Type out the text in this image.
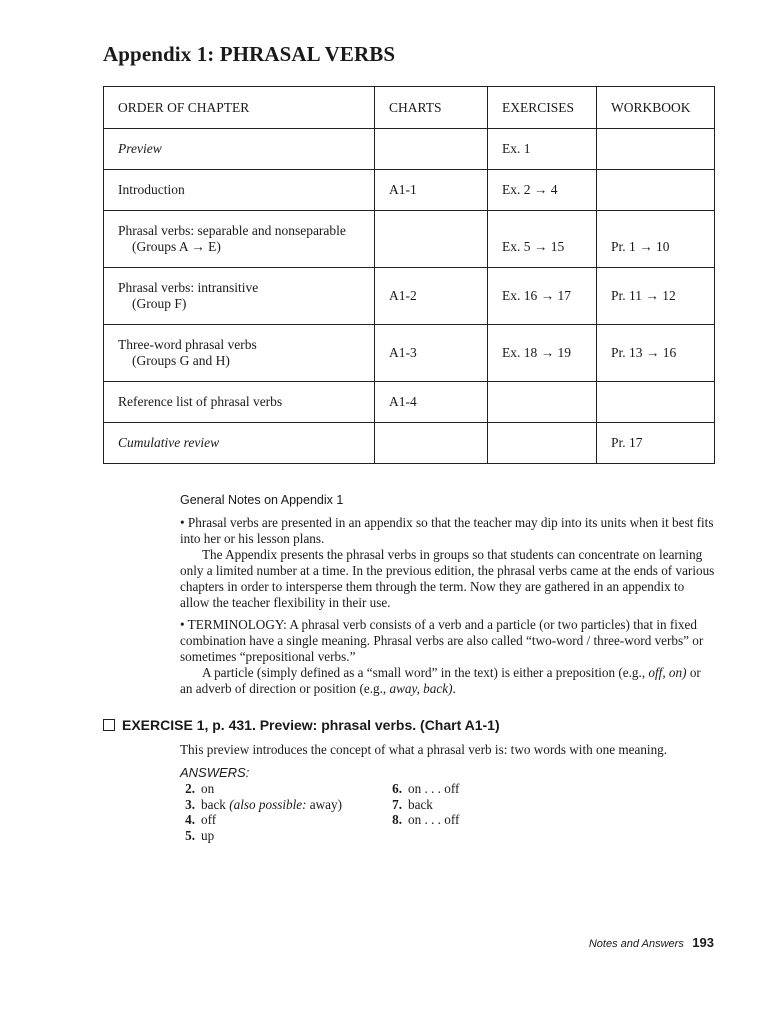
Appendix 1: PHRASAL VERBS
ORDER OF CHAPTER	CHARTS	EXERCISES	WORKBOOK
Preview		Ex. 1	
Introduction	A1-1	Ex. 2 → 4	
Phrasal verbs: separable and nonseparable
(Groups A → E)		Ex. 5 → 15	Pr. 1 → 10
Phrasal verbs: intransitive
(Group F)	A1-2	Ex. 16 → 17	Pr. 11 → 12
Three-word phrasal verbs
(Groups G and H)	A1-3	Ex. 18 → 19	Pr. 13 → 16
Reference list of phrasal verbs	A1-4		
Cumulative review			Pr. 17
General Notes on Appendix 1

• Phrasal verbs are presented in an appendix so that the teacher may dip into its units when it best fits into her or his lesson plans.

The Appendix presents the phrasal verbs in groups so that students can concentrate on learning only a limited number at a time. In the previous edition, the phrasal verbs came at the ends of various chapters in order to intersperse them through the term. Now they are gathered in an appendix to allow the teacher flexibility in their use.

• TERMINOLOGY: A phrasal verb consists of a verb and a particle (or two particles) that in fixed combination have a single meaning. Phrasal verbs are also called “two-word / three-word verbs” or sometimes “prepositional verbs.”

A particle (simply defined as a “small word” in the text) is either a preposition (e.g., off, on) or an adverb of direction or position (e.g., away, back).

EXERCISE 1, p. 431. Preview: phrasal verbs. (Chart A1-1)
This preview introduces the concept of what a phrasal verb is: two words with one meaning.
ANSWERS:
2. on
3. back (also possible: away)
4. off
5. up
6. on . . . off
7. back
8. on . . . off
Notes and Answers 193
